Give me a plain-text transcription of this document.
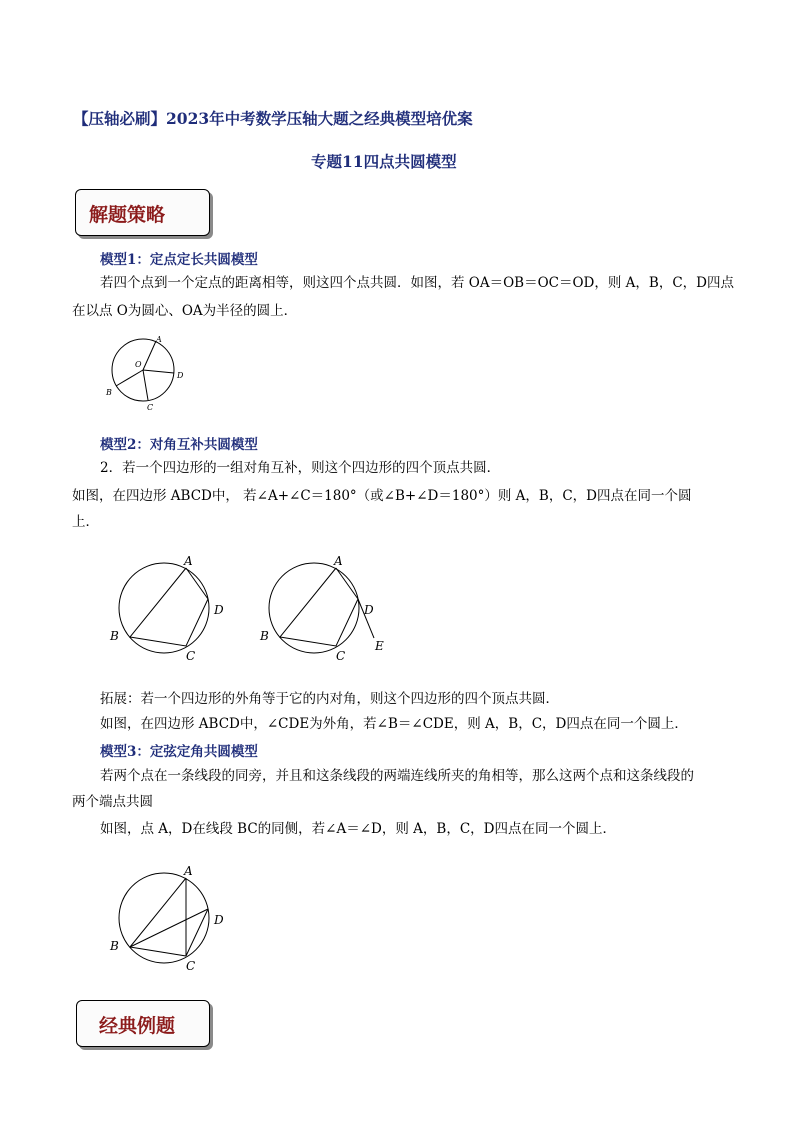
【压轴必刷】2023年中考数学压轴大题之经典模型培优案
专题11四点共圆模型
解题策略
模型1：定点定长共圆模型
若四个点到一个定点的距离相等，则这四个点共圆．如图，若 OA＝OB＝OC＝OD，则 A，B，C，D四点
在以点 O为圆心、OA为半径的圆上．
A
O
D
B
C
模型2：对角互补共圆模型
2．若一个四边形的一组对角互补，则这个四边形的四个顶点共圆．
如图，在四边形 ABCD中， 若∠A+∠C＝180°（或∠B+∠D＝180°）则 A，B，C，D四点在同一个圆
上．
A
D
B
C
A
D
B
C
E
拓展：若一个四边形的外角等于它的内对角，则这个四边形的四个顶点共圆．
如图，在四边形 ABCD中，∠CDE为外角，若∠B＝∠CDE，则 A，B，C，D四点在同一个圆上．
模型3：定弦定角共圆模型
若两个点在一条线段的同旁，并且和这条线段的两端连线所夹的角相等，那么这两个点和这条线段的
两个端点共圆
如图，点 A，D在线段 BC的同侧，若∠A＝∠D，则 A，B，C，D四点在同一个圆上．
A
D
B
C
经典例题
